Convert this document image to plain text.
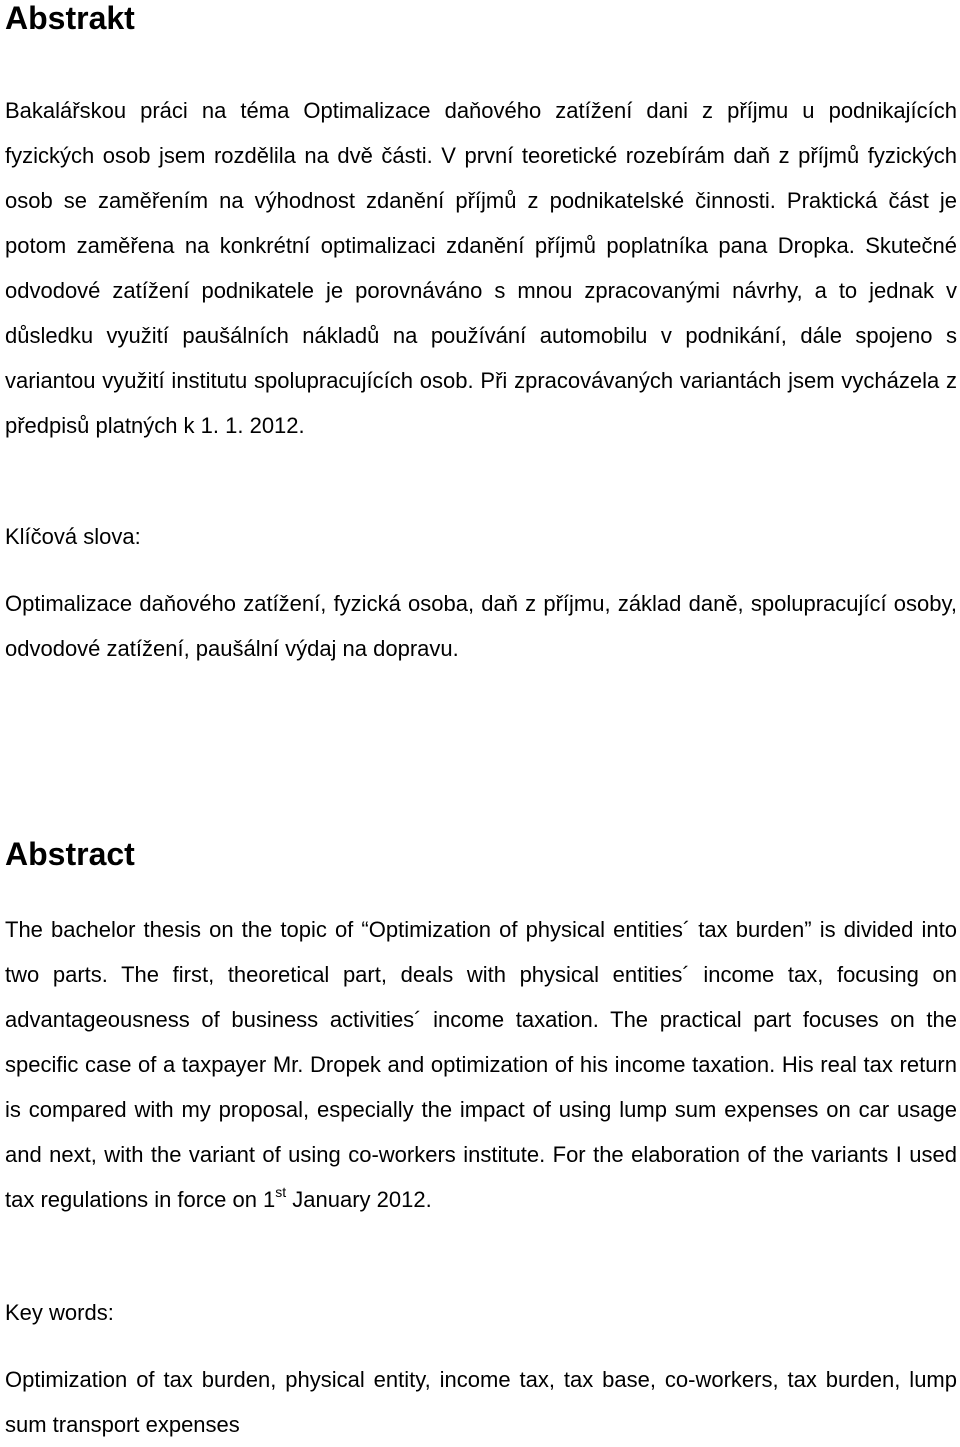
Abstrakt

Bakalářskou práci na téma Optimalizace daňového zatížení dani z příjmu u podnikajících fyzických osob jsem rozdělila na dvě části. V první teoretické rozebírám daň z příjmů fyzických osob se zaměřením na výhodnost zdanění příjmů z podnikatelské činnosti. Praktická část je potom zaměřena na konkrétní optimalizaci zdanění příjmů poplatníka pana Dropka. Skutečné odvodové zatížení podnikatele je porovnáváno s mnou zpracovanými návrhy, a to jednak v důsledku využití paušálních nákladů na používání automobilu v podnikání, dále spojeno s variantou využití institutu spolupracujících osob. Při zpracovávaných variantách jsem vycházela z předpisů platných k 1. 1. 2012.

Klíčová slova:

Optimalizace daňového zatížení, fyzická osoba, daň z příjmu, základ daně, spolupracující osoby, odvodové zatížení, paušální výdaj na dopravu.

Abstract

The bachelor thesis on the topic of “Optimization of physical entities´ tax burden” is divided into two parts. The first, theoretical part, deals with physical entities´ income tax, focusing on advantageousness of business activities´ income taxation. The practical part focuses on the specific case of a taxpayer Mr. Dropek and optimization of his income taxation. His real tax return is compared with my proposal, especially the impact of using lump sum expenses on car usage and next, with the variant of using co-workers institute. For the elaboration of the variants I used tax regulations in force on 1st January 2012.

Key words:

Optimization of tax burden, physical entity, income tax, tax base, co-workers, tax burden, lump sum transport expenses
